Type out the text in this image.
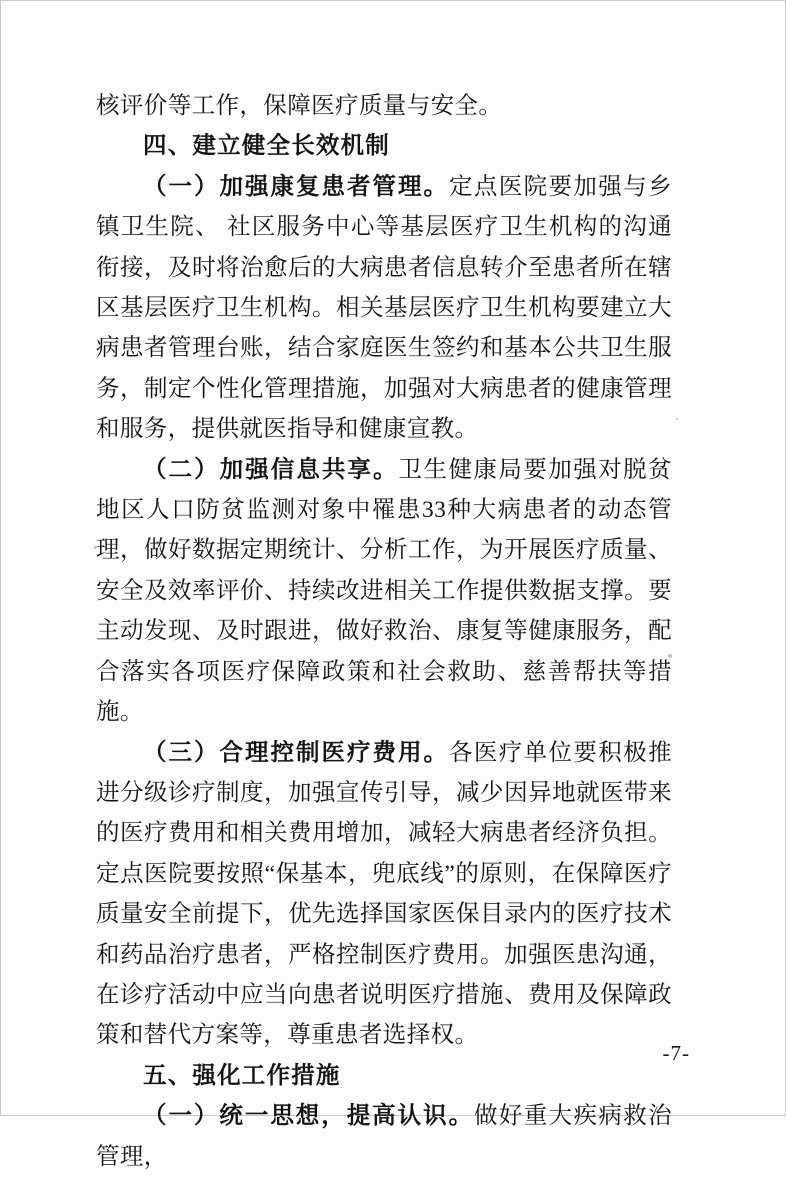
核评价等工作，保障医疗质量与安全。

四、建立健全长效机制

（一）加强康复患者管理。定点医院要加强与乡镇卫生院、 社区服务中心等基层医疗卫生机构的沟通衔接，及时将治愈后的大病患者信息转介至患者所在辖区基层医疗卫生机构。相关基层医疗卫生机构要建立大病患者管理台账，结合家庭医生签约和基本公共卫生服务，制定个性化管理措施，加强对大病患者的健康管理和服务，提供就医指导和健康宣教。

（二）加强信息共享。卫生健康局要加强对脱贫地区人口防贫监测对象中罹患33种大病患者的动态管理，做好数据定期统计、分析工作，为开展医疗质量、安全及效率评价、持续改进相关工作提供数据支撑。要主动发现、及时跟进，做好救治、康复等健康服务，配合落实各项医疗保障政策和社会救助、慈善帮扶等措施。

（三）合理控制医疗费用。各医疗单位要积极推进分级诊疗制度，加强宣传引导，减少因异地就医带来的医疗费用和相关费用增加，减轻大病患者经济负担。定点医院要按照“保基本，兜底线”的原则，在保障医疗质量安全前提下，优先选择国家医保目录内的医疗技术和药品治疗患者，严格控制医疗费用。加强医患沟通，在诊疗活动中应当向患者说明医疗措施、费用及保障政策和替代方案等，尊重患者选择权。

五、强化工作措施

（一）统一思想，提高认识。做好重大疾病救治管理，

-7-
